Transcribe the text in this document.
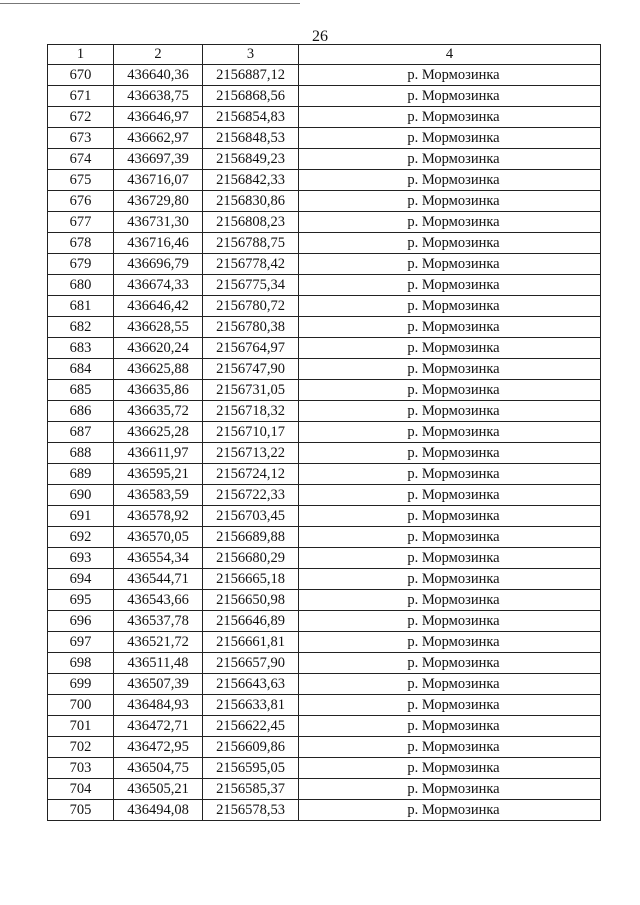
26
1	2	3	4
670	436640,36	2156887,12	р. Мормозинка
671	436638,75	2156868,56	р. Мормозинка
672	436646,97	2156854,83	р. Мормозинка
673	436662,97	2156848,53	р. Мормозинка
674	436697,39	2156849,23	р. Мормозинка
675	436716,07	2156842,33	р. Мормозинка
676	436729,80	2156830,86	р. Мормозинка
677	436731,30	2156808,23	р. Мормозинка
678	436716,46	2156788,75	р. Мормозинка
679	436696,79	2156778,42	р. Мормозинка
680	436674,33	2156775,34	р. Мормозинка
681	436646,42	2156780,72	р. Мормозинка
682	436628,55	2156780,38	р. Мормозинка
683	436620,24	2156764,97	р. Мормозинка
684	436625,88	2156747,90	р. Мормозинка
685	436635,86	2156731,05	р. Мормозинка
686	436635,72	2156718,32	р. Мормозинка
687	436625,28	2156710,17	р. Мормозинка
688	436611,97	2156713,22	р. Мормозинка
689	436595,21	2156724,12	р. Мормозинка
690	436583,59	2156722,33	р. Мормозинка
691	436578,92	2156703,45	р. Мормозинка
692	436570,05	2156689,88	р. Мормозинка
693	436554,34	2156680,29	р. Мормозинка
694	436544,71	2156665,18	р. Мормозинка
695	436543,66	2156650,98	р. Мормозинка
696	436537,78	2156646,89	р. Мормозинка
697	436521,72	2156661,81	р. Мормозинка
698	436511,48	2156657,90	р. Мормозинка
699	436507,39	2156643,63	р. Мормозинка
700	436484,93	2156633,81	р. Мормозинка
701	436472,71	2156622,45	р. Мормозинка
702	436472,95	2156609,86	р. Мормозинка
703	436504,75	2156595,05	р. Мормозинка
704	436505,21	2156585,37	р. Мормозинка
705	436494,08	2156578,53	р. Мормозинка
